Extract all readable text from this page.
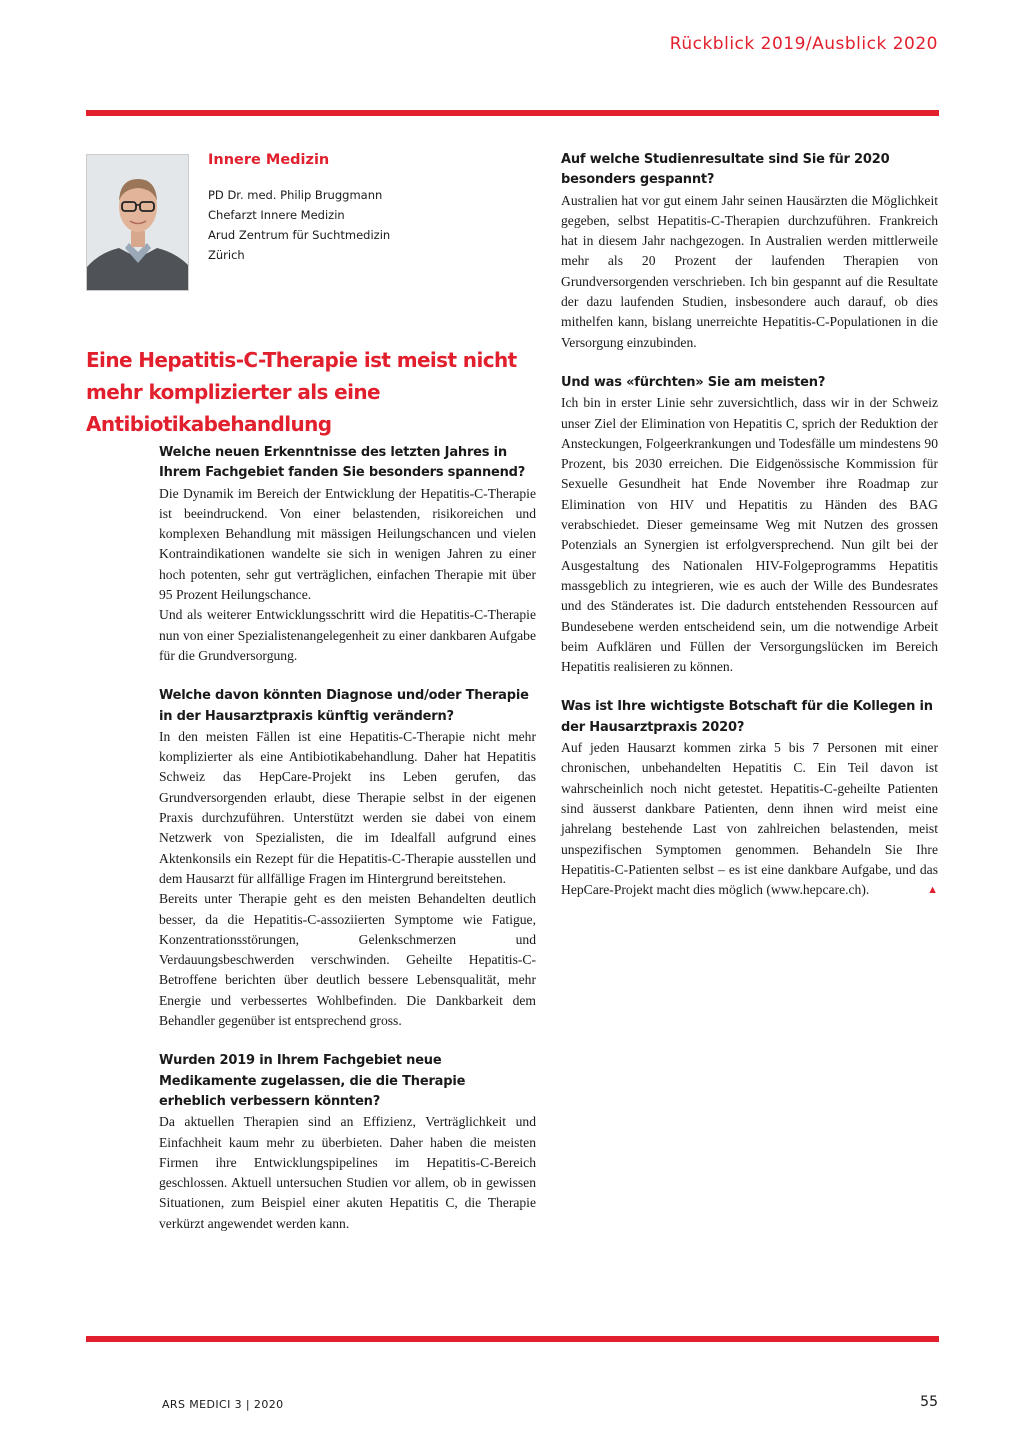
Rückblick 2019/Ausblick 2020
Innere Medizin
PD Dr. med. Philip Bruggmann
Chefarzt Innere Medizin
Arud Zentrum für Suchtmedizin
Zürich
Eine Hepatitis-C-Therapie ist meist nicht mehr komplizierter als eine Antibiotikabehandlung
Welche neuen Erkenntnisse des letzten Jahres in Ihrem Fachgebiet fanden Sie besonders spannend?

Die Dynamik im Bereich der Entwicklung der Hepatitis-C-Therapie ist beeindruckend. Von einer belastenden, risikoreichen und komplexen Behandlung mit mässigen Heilungschancen und vielen Kontraindikationen wandelte sie sich in wenigen Jahren zu einer hoch potenten, sehr gut verträglichen, einfachen Therapie mit über 95 Prozent Heilungschance.

Und als weiterer Entwicklungsschritt wird die Hepatitis-C-Therapie nun von einer Spezialistenangelegenheit zu einer dankbaren Aufgabe für die Grundversorgung.

Welche davon könnten Diagnose und/oder Therapie in der Hausarztpraxis künftig verändern?

In den meisten Fällen ist eine Hepatitis-C-Therapie nicht mehr komplizierter als eine Antibiotikabehandlung. Daher hat Hepatitis Schweiz das HepCare-Projekt ins Leben gerufen, das Grundversorgenden erlaubt, diese Therapie selbst in der eigenen Praxis durchzuführen. Unterstützt werden sie dabei von einem Netzwerk von Spezialisten, die im Idealfall aufgrund eines Aktenkonsils ein Rezept für die Hepatitis-C-Therapie ausstellen und dem Hausarzt für allfällige Fragen im Hintergrund bereitstehen.

Bereits unter Therapie geht es den meisten Behandelten deutlich besser, da die Hepatitis-C-assoziierten Symptome wie Fatigue, Konzentrationsstörungen, Gelenkschmerzen und Verdauungsbeschwerden verschwinden. Geheilte Hepatitis-C-Betroffene berichten über deutlich bessere Lebensqualität, mehr Energie und verbessertes Wohlbefinden. Die Dankbarkeit dem Behandler gegenüber ist entsprechend gross.

Wurden 2019 in Ihrem Fachgebiet neue Medikamente zugelassen, die die Therapie erheblich verbessern könnten?

Da aktuellen Therapien sind an Effizienz, Verträglichkeit und Einfachheit kaum mehr zu überbieten. Daher haben die meisten Firmen ihre Entwicklungspipelines im Hepatitis-C-Bereich geschlossen. Aktuell untersuchen Studien vor allem, ob in gewissen Situationen, zum Beispiel einer akuten Hepatitis C, die Therapie verkürzt angewendet werden kann.

Auf welche Studienresultate sind Sie für 2020 besonders gespannt?

Australien hat vor gut einem Jahr seinen Hausärzten die Möglichkeit gegeben, selbst Hepatitis-C-Therapien durchzuführen. Frankreich hat in diesem Jahr nachgezogen. In Australien werden mittlerweile mehr als 20 Prozent der laufenden Therapien von Grundversorgenden verschrieben. Ich bin gespannt auf die Resultate der dazu laufenden Studien, insbesondere auch darauf, ob dies mithelfen kann, bislang unerreichte Hepatitis-C-Populationen in die Versorgung einzubinden.

Und was «fürchten» Sie am meisten?

Ich bin in erster Linie sehr zuversichtlich, dass wir in der Schweiz unser Ziel der Elimination von Hepatitis C, sprich der Reduktion der Ansteckungen, Folgeerkrankungen und Todesfälle um mindestens 90 Prozent, bis 2030 erreichen. Die Eidgenössische Kommission für Sexuelle Gesundheit hat Ende November ihre Roadmap zur Elimination von HIV und Hepatitis zu Händen des BAG verabschiedet. Dieser gemeinsame Weg mit Nutzen des grossen Potenzials an Synergien ist erfolgversprechend. Nun gilt bei der Ausgestaltung des Nationalen HIV-Folgeprogramms Hepatitis massgeblich zu integrieren, wie es auch der Wille des Bundesrates und des Ständerates ist. Die dadurch entstehenden Ressourcen auf Bundesebene werden entscheidend sein, um die notwendige Arbeit beim Aufklären und Füllen der Versorgungslücken im Bereich Hepatitis realisieren zu können.

Was ist Ihre wichtigste Botschaft für die Kollegen in der Hausarztpraxis 2020?

Auf jeden Hausarzt kommen zirka 5 bis 7 Personen mit einer chronischen, unbehandelten Hepatitis C. Ein Teil davon ist wahrscheinlich noch nicht getestet. Hepatitis-C-geheilte Patienten sind äusserst dankbare Patienten, denn ihnen wird meist eine jahrelang bestehende Last von zahlreichen belastenden, meist unspezifischen Symptomen genommen. Behandeln Sie Ihre Hepatitis-C-Patienten selbst – es ist eine dankbare Aufgabe, und das HepCare-Projekt macht dies möglich (www.hepcare.ch).	▲

ARS MEDICI 3 | 2020	55
